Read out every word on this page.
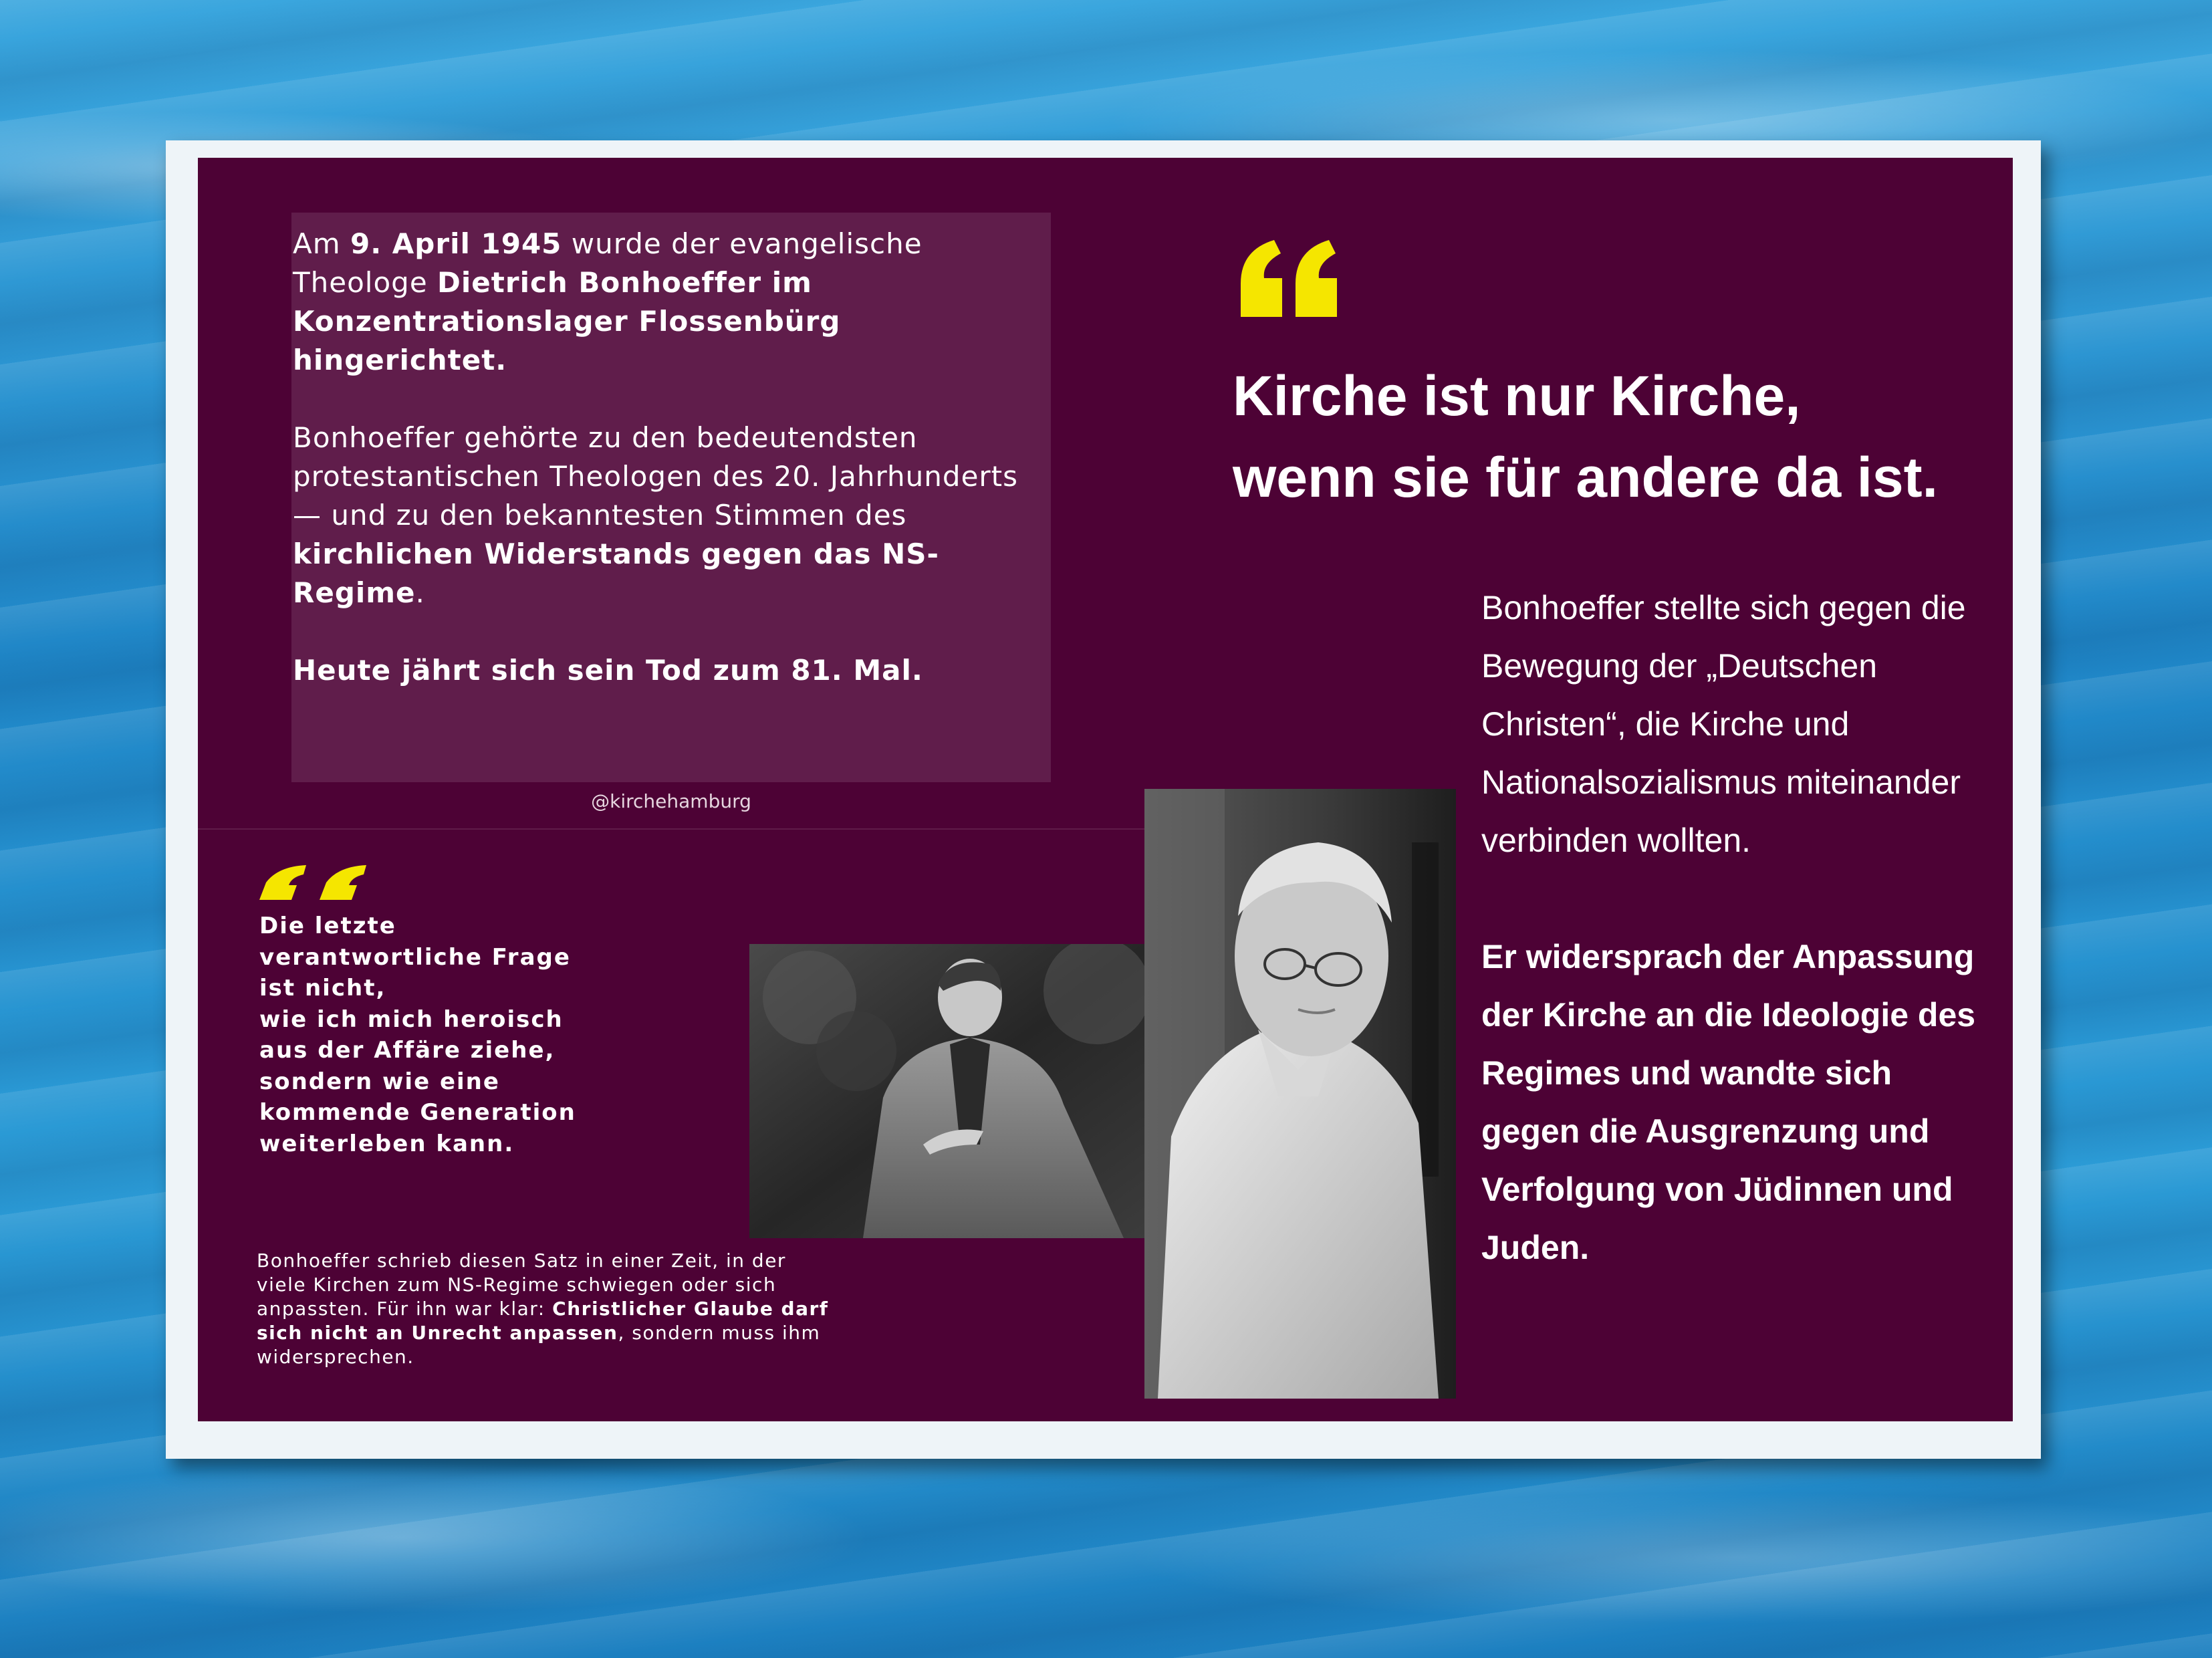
Am 9. April 1945 wurde der evangelische Theologe Dietrich Bonhoeffer im Konzentrationslager Flossenbürg hingerichtet.

Bonhoeffer gehörte zu den bedeutendsten protestantischen Theologen des 20. Jahrhunderts — und zu den bekanntesten Stimmen des kirchlichen Widerstands gegen das NS-Regime.

Heute jährt sich sein Tod zum 81. Mal.

@kirchehamburg
Kirche ist nur Kirche,
wenn sie für andere da ist.

Bonhoeffer stellte sich gegen die Bewegung der „Deutschen Christen“, die Kirche und Nationalsozialismus miteinander verbinden wollten.

Er widersprach der Anpassung der Kirche an die Ideologie des Regimes und wandte sich gegen die Ausgrenzung und Verfolgung von Jüdinnen und Juden.

Die letzte
verantwortliche Frage
ist nicht,
wie ich mich heroisch
aus der Affäre ziehe,
sondern wie eine
kommende Generation
weiterleben kann.
Bonhoeffer schrieb diesen Satz in einer Zeit, in der
viele Kirchen zum NS-Regime schwiegen oder sich
anpassten. Für ihn war klar: Christlicher Glaube darf
sich nicht an Unrecht anpassen, sondern muss ihm
widersprechen.
